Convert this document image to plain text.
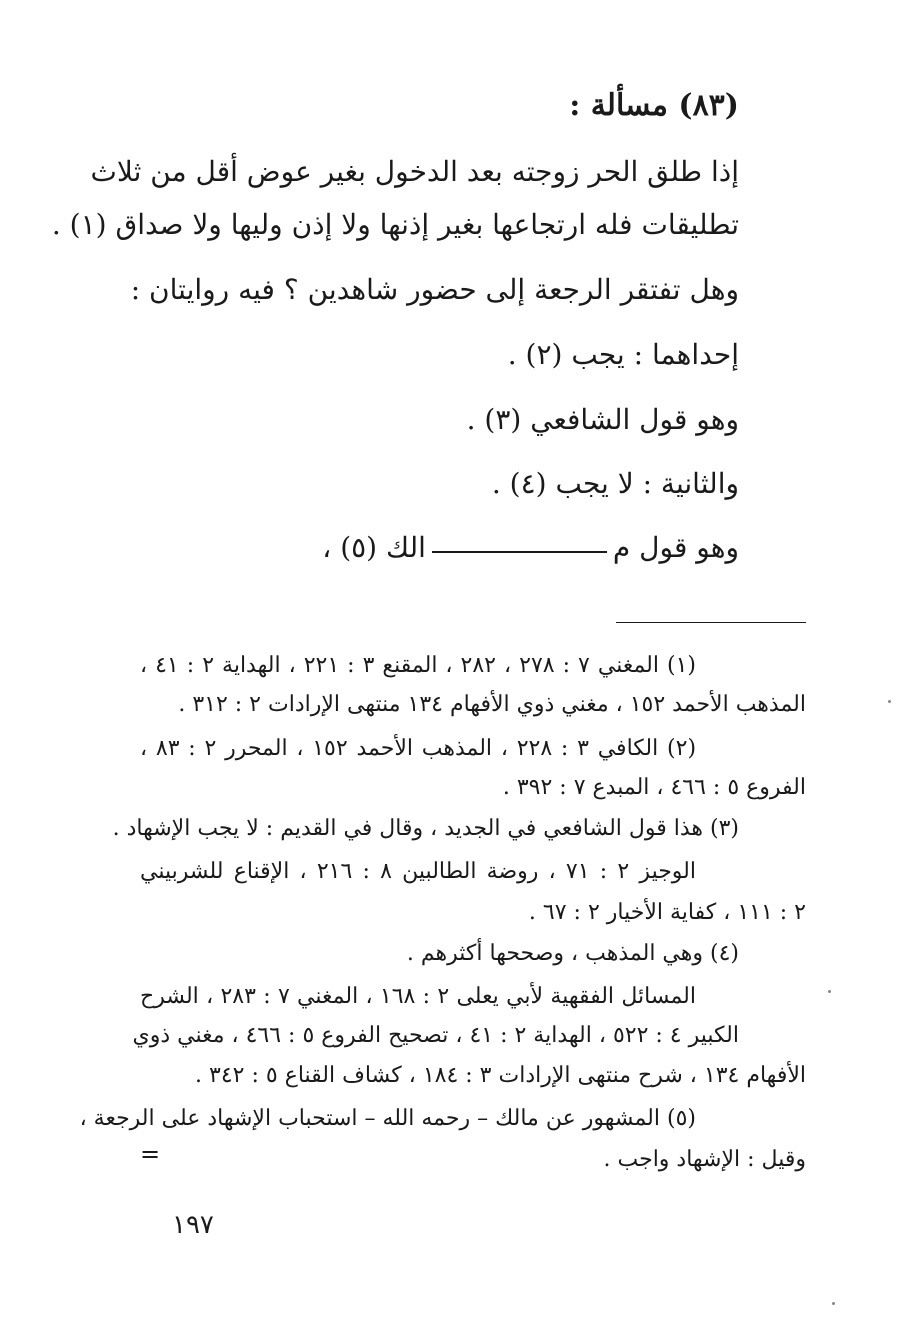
(٨٣) مسألة :
إذا طلق الحر زوجته بعد الدخول بغير عوض أقل من ثلاث
تطليقات فله ارتجاعها بغير إذنها ولا إذن وليها ولا صداق (١) .
وهل تفتقر الرجعة إلى حضور شاهدين ؟ فيه روايتان :
إحداهما : يجب (٢) .
وهو قول الشافعي (٣) .
والثانية : لا يجب (٤) .
وهو قول م
الك (٥) ،
(١) المغني ٧ : ٢٧٨ ، ٢٨٢ ، المقنع ٣ : ٢٢١ ، الهداية ٢ : ٤١ ،
المذهب الأحمد ١٥٢ ، مغني ذوي الأفهام ١٣٤ منتهى الإرادات ٢ : ٣١٢ .
(٢) الكافي ٣ : ٢٢٨ ، المذهب الأحمد ١٥٢ ، المحرر ٢ : ٨٣ ،
الفروع ٥ : ٤٦٦ ، المبدع ٧ : ٣٩٢ .
(٣) هذا قول الشافعي في الجديد ، وقال في القديم : لا يجب الإشهاد .
الوجيز ٢ : ٧١ ، روضة الطالبين ٨ : ٢١٦ ، الإقناع للشربيني
٢ : ١١١ ، كفاية الأخيار ٢ : ٦٧ .
(٤) وهي المذهب ، وصححها أكثرهم .
المسائل الفقهية لأبي يعلى ٢ : ١٦٨ ، المغني ٧ : ٢٨٣ ، الشرح
الكبير ٤ : ٥٢٢ ، الهداية ٢ : ٤١ ، تصحيح الفروع ٥ : ٤٦٦ ، مغني ذوي
الأفهام ١٣٤ ، شرح منتهى الإرادات ٣ : ١٨٤ ، كشاف القناع ٥ : ٣٤٢ .
(٥) المشهور عن مالك – رحمه الله – استحباب الإشهاد على الرجعة ،
وقيل : الإشهاد واجب .
=
١٩٧
